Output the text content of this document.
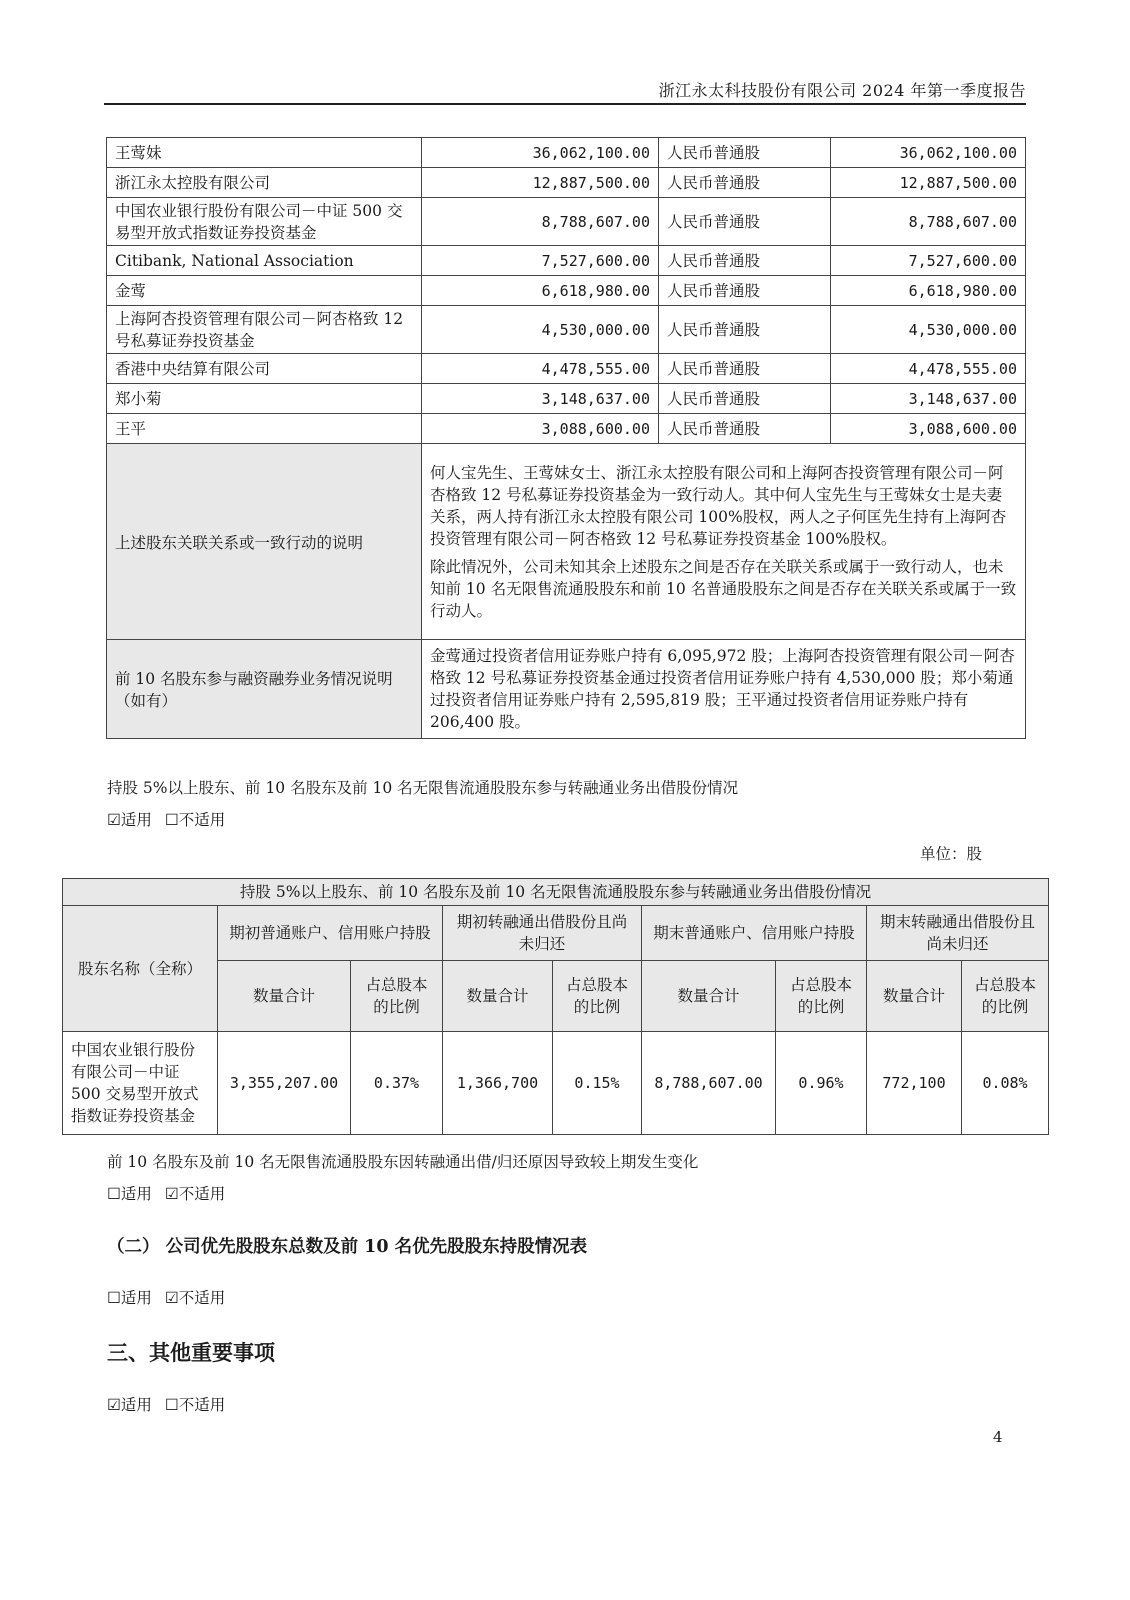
浙江永太科技股份有限公司 2024 年第一季度报告
王莺妹	36,062,100.00	人民币普通股	36,062,100.00
浙江永太控股有限公司	12,887,500.00	人民币普通股	12,887,500.00
中国农业银行股份有限公司－中证 500 交易型开放式指数证券投资基金	8,788,607.00	人民币普通股	8,788,607.00
Citibank, National Association	7,527,600.00	人民币普通股	7,527,600.00
金莺	6,618,980.00	人民币普通股	6,618,980.00
上海阿杏投资管理有限公司－阿杏格致 12 号私募证券投资基金	4,530,000.00	人民币普通股	4,530,000.00
香港中央结算有限公司	4,478,555.00	人民币普通股	4,478,555.00
郑小菊	3,148,637.00	人民币普通股	3,148,637.00
王平	3,088,600.00	人民币普通股	3,088,600.00
上述股东关联关系或一致行动的说明	何人宝先生、王莺妹女士、浙江永太控股有限公司和上海阿杏投资管理有限公司－阿杏格致 12 号私募证券投资基金为一致行动人。其中何人宝先生与王莺妹女士是夫妻关系，两人持有浙江永太控股有限公司 100%股权，两人之子何匡先生持有上海阿杏投资管理有限公司－阿杏格致 12 号私募证券投资基金 100%股权。

除此情况外，公司未知其余上述股东之间是否存在关联关系或属于一致行动人，也未知前 10 名无限售流通股股东和前 10 名普通股股东之间是否存在关联关系或属于一致行动人。		

前 10 名股东参与融资融券业务情况说明（如有）	金莺通过投资者信用证券账户持有 6,095,972 股；上海阿杏投资管理有限公司－阿杏格致 12 号私募证券投资基金通过投资者信用证券账户持有 4,530,000 股；郑小菊通过投资者信用证券账户持有 2,595,819 股；王平通过投资者信用证券账户持有 206,400 股。		

持股 5%以上股东、前 10 名股东及前 10 名无限售流通股股东参与转融通业务出借股份情况
☑适用 ☐不适用
单位：股
持股 5%以上股东、前 10 名股东及前 10 名无限售流通股股东参与转融通业务出借股份情况								
股东名称（全称）	期初普通账户、信用账户持股		期初转融通出借股份且尚未归还		期末普通账户、信用账户持股		期末转融通出借股份且尚未归还	
	数量合计	占总股本的比例	数量合计	占总股本的比例	数量合计	占总股本的比例	数量合计	占总股本的比例
中国农业银行股份有限公司－中证 500 交易型开放式指数证券投资基金	3,355,207.00	0.37%	1,366,700	0.15%	8,788,607.00	0.96%	772,100	0.08%
前 10 名股东及前 10 名无限售流通股股东因转融通出借/归还原因导致较上期发生变化
☐适用 ☑不适用
（二） 公司优先股股东总数及前 10 名优先股股东持股情况表
☐适用 ☑不适用
三、其他重要事项
☑适用 ☐不适用
4
